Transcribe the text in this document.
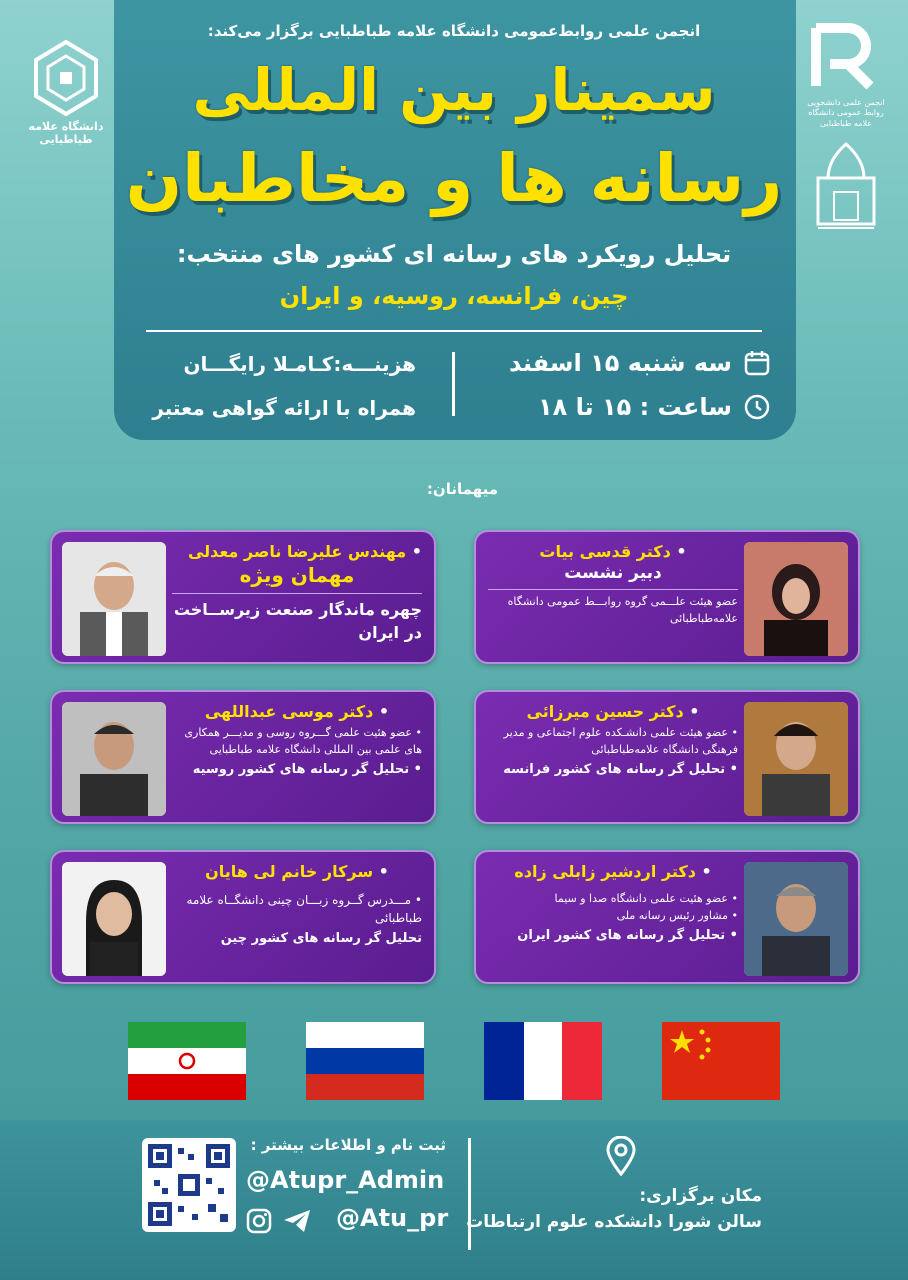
دانشگاه علامه طباطبایی
انجمن علمی دانشجویی روابط عمومی دانشگاه علامه طباطبایی
انجمن علمی روابط‌عمومی دانشگاه علامه طباطبایی برگزار می‌کند:
سمینار بین المللی
رسانه ها و مخاطبان
تحلیل رویکرد های رسانه ای کشور های منتخب:
چین، فرانسه، روسیه، و ایران
سه شنبه ۱۵ اسفند
ساعت : ۱۵ تا ۱۸
هزینـــه:کـامـلا رایگـــان
همراه با ارائه گواهی معتبر
میهمانان:
• دکتر قدسی بیات
دبیر نشست
عضو هیئت علـــمی گروه روابـــط عمومی دانشگاه علامه‌طباطبائی
• مهندس علیرضا ناصر معدلی
مهمان ویژه
چهره ماندگار صنعت زیرســاخت در ایران
• دکتر حسین میرزائی
• عضو هیئت علمی دانشـکده علوم اجتماعی و مدیر فرهنگی دانشگاه علامه‌طباطبائی
• تحلیل گر رسانه های کشور فرانسه
• دکتر موسی عبداللهی
• عضو هئیت علمی گـــروه روسی و مدیـــر همکاری های علمی بین المللی دانشگاه علامه طباطبایی
• تحلیل گر رسانه های کشور روسیه
• دکتر اردشیر زابلی زاده
• عضو هئیت علمی دانشگاه صدا و سیما
• مشاور رئیس رسانه ملی
• تحلیل گر رسانه های کشور ایران
• سرکار خانم لی هایان
• مـــدرس گــروه زبـــان چینی دانشگــاه علامه طباطبائی
تحلیل گر رسانه های کشور چین
ثبت نام و اطلاعات بیشتر :
@Atupr_Admin
@Atu_pr
مکان برگزاری:
سالن شورا دانشکده علوم ارتباطات
